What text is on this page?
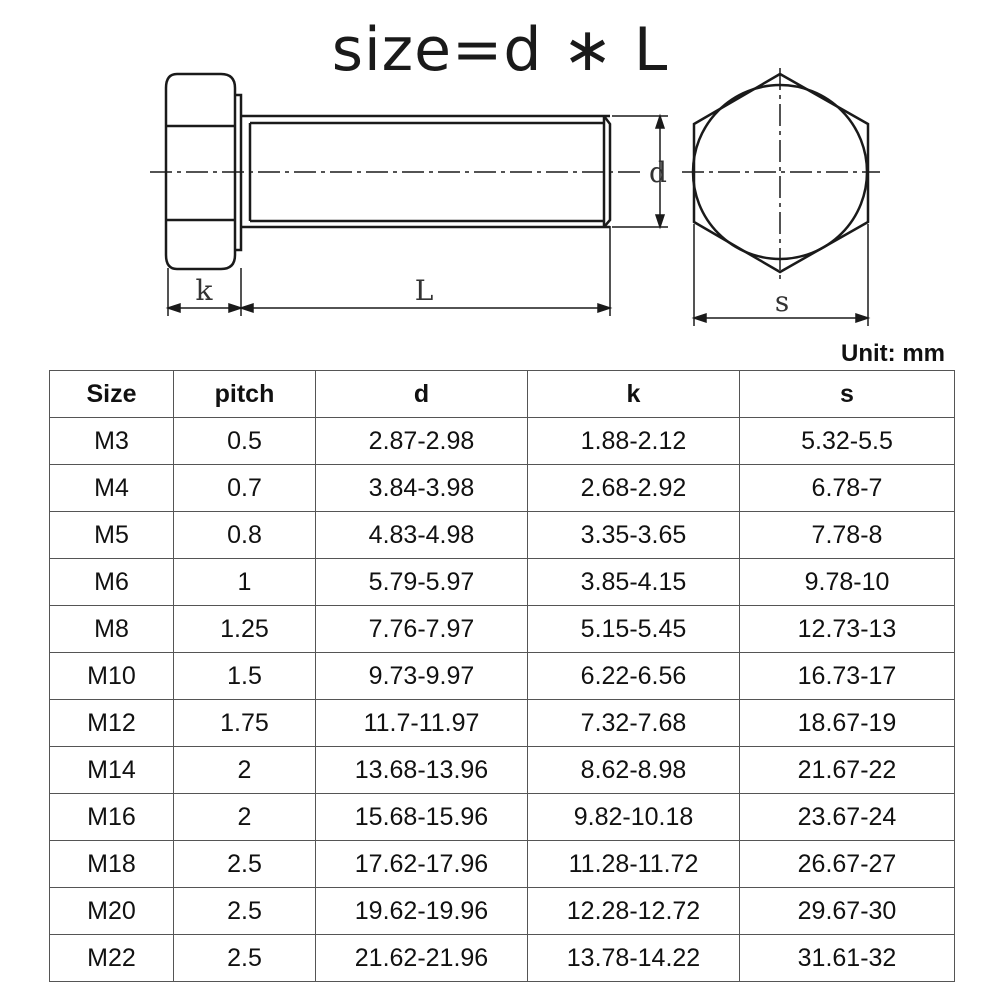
k	L
d
s
size=d ∗ L
Unit: mm
Size	pitch	d	k	s
M3	0.5	2.87-2.98	1.88-2.12	5.32-5.5
M4	0.7	3.84-3.98	2.68-2.92	6.78-7
M5	0.8	4.83-4.98	3.35-3.65	7.78-8
M6	1	5.79-5.97	3.85-4.15	9.78-10
M8	1.25	7.76-7.97	5.15-5.45	12.73-13
M10	1.5	9.73-9.97	6.22-6.56	16.73-17
M12	1.75	11.7-11.97	7.32-7.68	18.67-19
M14	2	13.68-13.96	8.62-8.98	21.67-22
M16	2	15.68-15.96	9.82-10.18	23.67-24
M18	2.5	17.62-17.96	11.28-11.72	26.67-27
M20	2.5	19.62-19.96	12.28-12.72	29.67-30
M22	2.5	21.62-21.96	13.78-14.22	31.61-32
